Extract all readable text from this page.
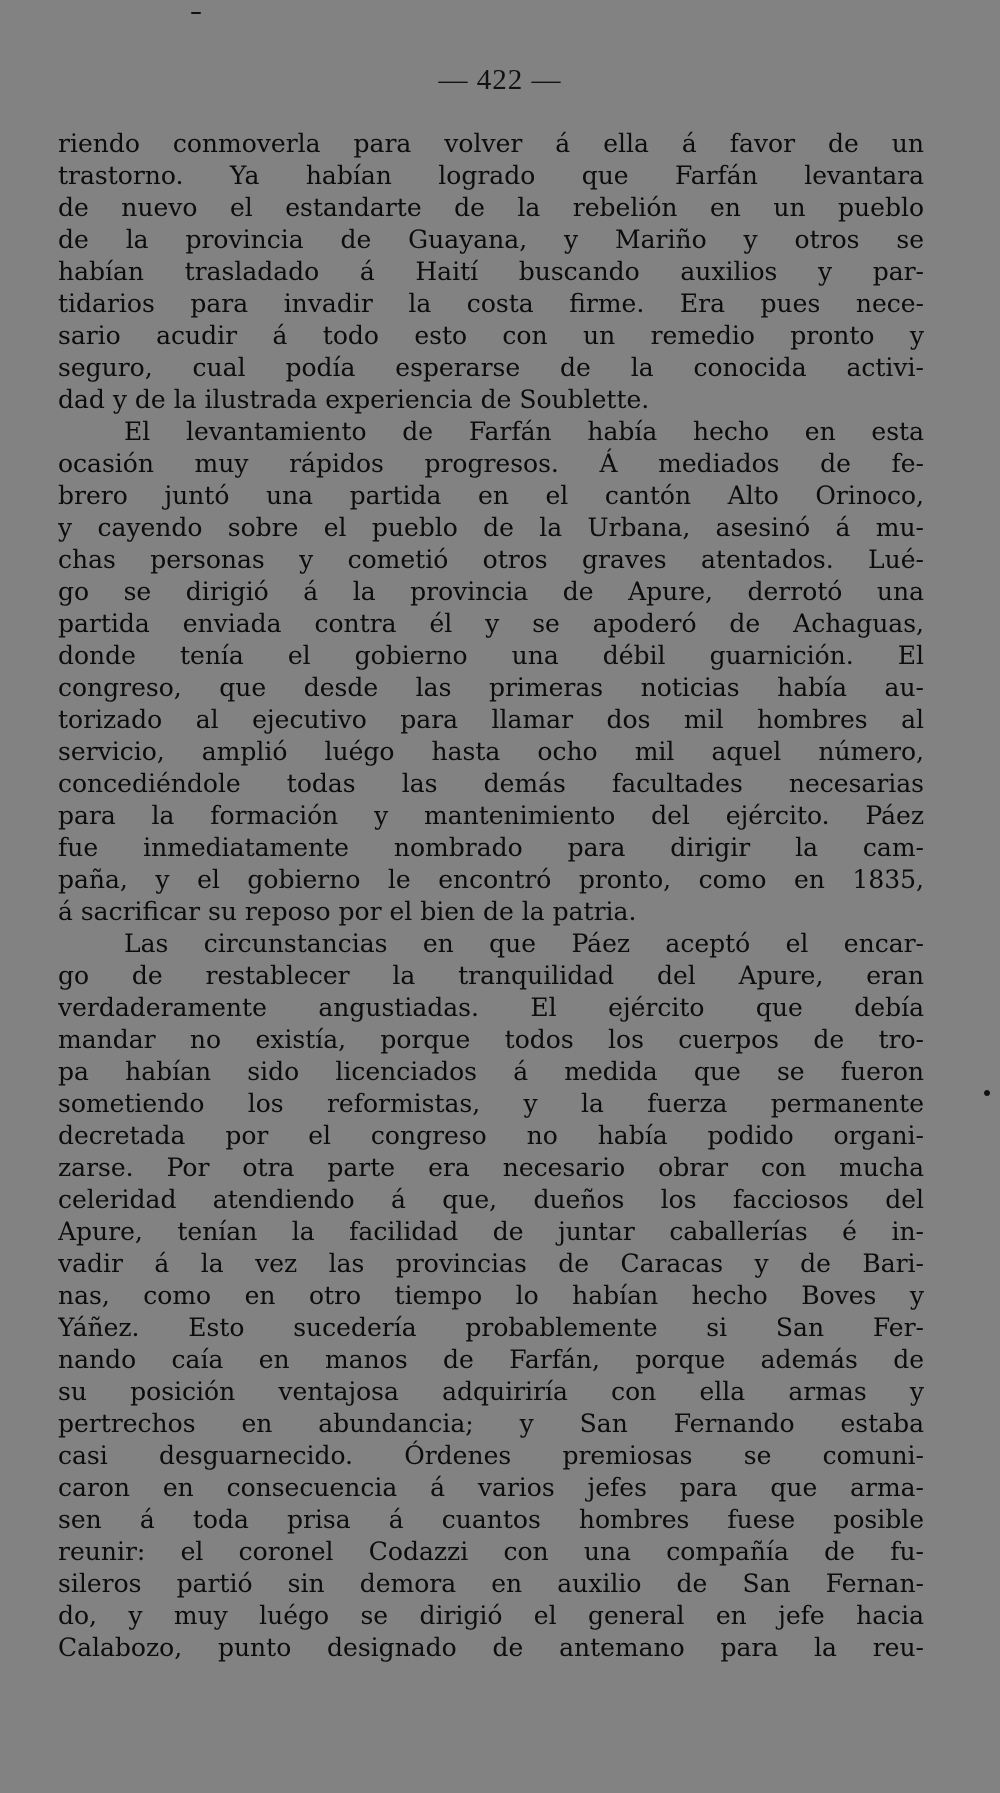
— 422 —
riendo conmoverla para volver á ella á favor de un
trastorno. Ya habían logrado que Farfán levantara
de nuevo el estandarte de la rebelión en un pueblo
de la provincia de Guayana, y Mariño y otros se
habían trasladado á Haití buscando auxilios y par-
tidarios para invadir la costa firme. Era pues nece-
sario acudir á todo esto con un remedio pronto y
seguro, cual podía esperarse de la conocida activi-
dad y de la ilustrada experiencia de Soublette.
El levantamiento de Farfán había hecho en esta
ocasión muy rápidos progresos. Á mediados de fe-
brero juntó una partida en el cantón Alto Orinoco,
y cayendo sobre el pueblo de la Urbana, asesinó á mu-
chas personas y cometió otros graves atentados. Lué-
go se dirigió á la provincia de Apure, derrotó una
partida enviada contra él y se apoderó de Achaguas,
donde tenía el gobierno una débil guarnición. El
congreso, que desde las primeras noticias había au-
torizado al ejecutivo para llamar dos mil hombres al
servicio, amplió luégo hasta ocho mil aquel número,
concediéndole todas las demás facultades necesarias
para la formación y mantenimiento del ejército. Páez
fue inmediatamente nombrado para dirigir la cam-
paña, y el gobierno le encontró pronto, como en 1835,
á sacrificar su reposo por el bien de la patria.
Las circunstancias en que Páez aceptó el encar-
go de restablecer la tranquilidad del Apure, eran
verdaderamente angustiadas. El ejército que debía
mandar no existía, porque todos los cuerpos de tro-
pa habían sido licenciados á medida que se fueron
sometiendo los reformistas, y la fuerza permanente
decretada por el congreso no había podido organi-
zarse. Por otra parte era necesario obrar con mucha
celeridad atendiendo á que, dueños los facciosos del
Apure, tenían la facilidad de juntar caballerías é in-
vadir á la vez las provincias de Caracas y de Bari-
nas, como en otro tiempo lo habían hecho Boves y
Yáñez. Esto sucedería probablemente si San Fer-
nando caía en manos de Farfán, porque además de
su posición ventajosa adquiriría con ella armas y
pertrechos en abundancia; y San Fernando estaba
casi desguarnecido. Órdenes premiosas se comuni-
caron en consecuencia á varios jefes para que arma-
sen á toda prisa á cuantos hombres fuese posible
reunir: el coronel Codazzi con una compañía de fu-
sileros partió sin demora en auxilio de San Fernan-
do, y muy luégo se dirigió el general en jefe hacia
Calabozo, punto designado de antemano para la reu-
